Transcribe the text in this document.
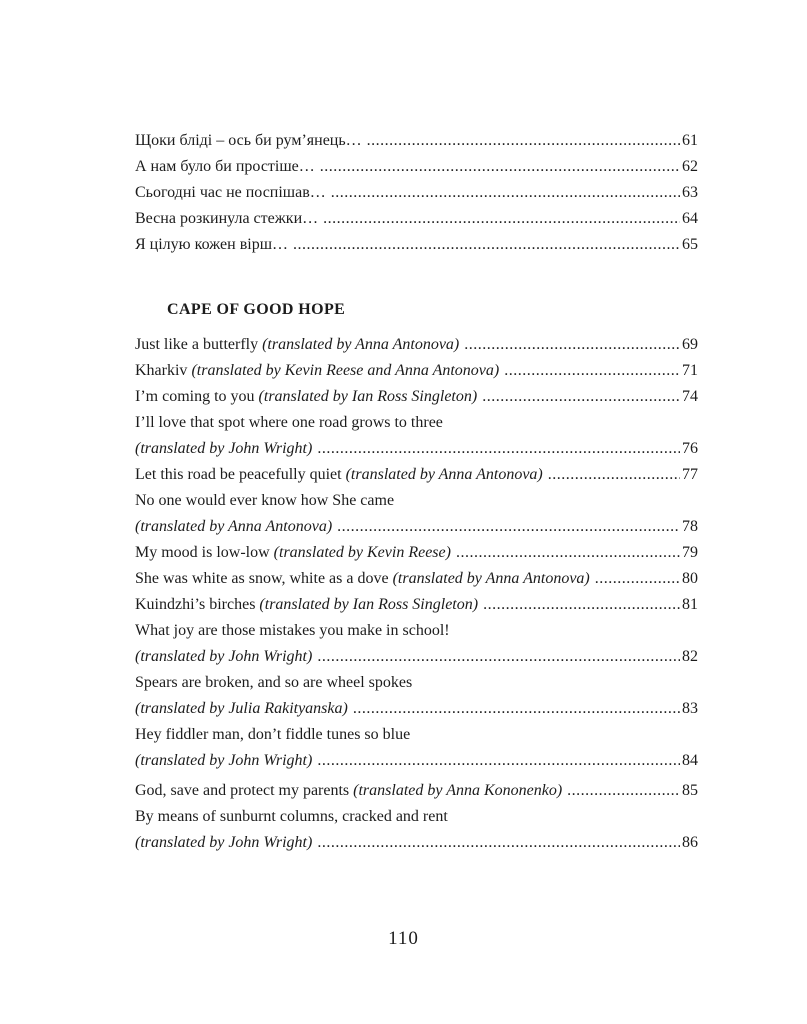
Щоки бліді – ось би рум’янець… .....	61
А нам було би простіше… .....	62
Сьогодні час не поспішав… .....	63
Весна розкинула стежки… .....	64
Я цілую кожен вірш… .....	65
CAPE OF GOOD HOPE
Just like a butterfly (translated by Anna Antonova) .....	69
Kharkiv (translated by Kevin Reese and Anna Antonova) .....	71
I’m coming to you (translated by Ian Ross Singleton) .....	74
I’ll love that spot where one road grows to three
(translated by John Wright) .....	76
Let this road be peacefully quiet (translated by Anna Antonova) .....	77
No one would ever know how She came
(translated by Anna Antonova) .....	78
My mood is low-low (translated by Kevin Reese) .....	79
She was white as snow, white as a dove (translated by Anna Antonova) .....	80
Kuindzhi’s birches (translated by Ian Ross Singleton) .....	81
What joy are those mistakes you make in school!
(translated by John Wright) .....	82
Spears are broken, and so are wheel spokes
(translated by Julia Rakityanska) .....	83
Hey fiddler man, don’t fiddle tunes so blue
(translated by John Wright) .....	84
God, save and protect my parents (translated by Anna Kononenko) .....	85
By means of sunburnt columns, cracked and rent
(translated by John Wright) .....	86
110
